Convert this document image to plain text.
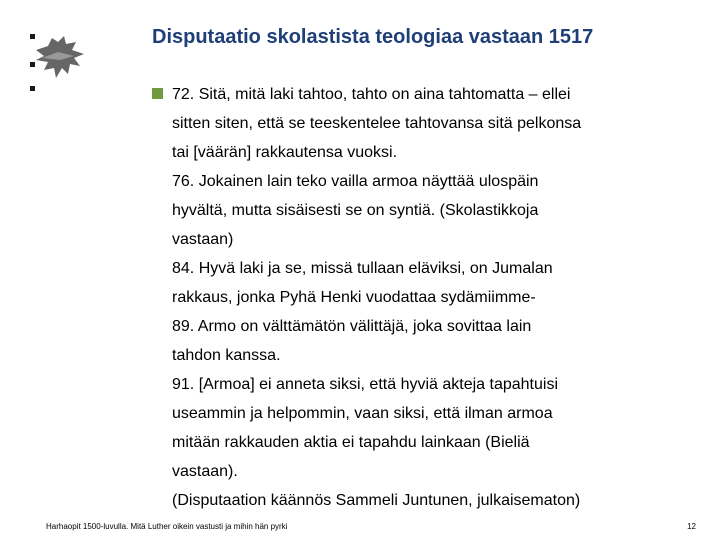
Disputaatio skolastista teologiaa vastaan 1517
72. Sitä, mitä laki tahtoo, tahto on aina tahtomatta – ellei
sitten siten, että se teeskentelee tahtovansa sitä pelkonsa
tai [väärän] rakkautensa vuoksi.
76. Jokainen lain teko vailla armoa näyttää ulospäin
hyvältä, mutta sisäisesti se on syntiä. (Skolastikkoja
vastaan)
84. Hyvä laki ja se, missä tullaan eläviksi, on Jumalan
rakkaus, jonka Pyhä Henki vuodattaa sydämiimme-
89. Armo on välttämätön välittäjä, joka sovittaa lain
tahdon kanssa.
91. [Armoa] ei anneta siksi, että hyviä akteja tapahtuisi
useammin ja helpommin, vaan siksi, että ilman armoa
mitään rakkauden aktia ei tapahdu lainkaan (Bieliä
vastaan).
(Disputaation käännös Sammeli Juntunen, julkaisematon)
Harhaopit 1500-luvulla. Mitä Luther oikein vastusti ja mihin hän pyrki	12
